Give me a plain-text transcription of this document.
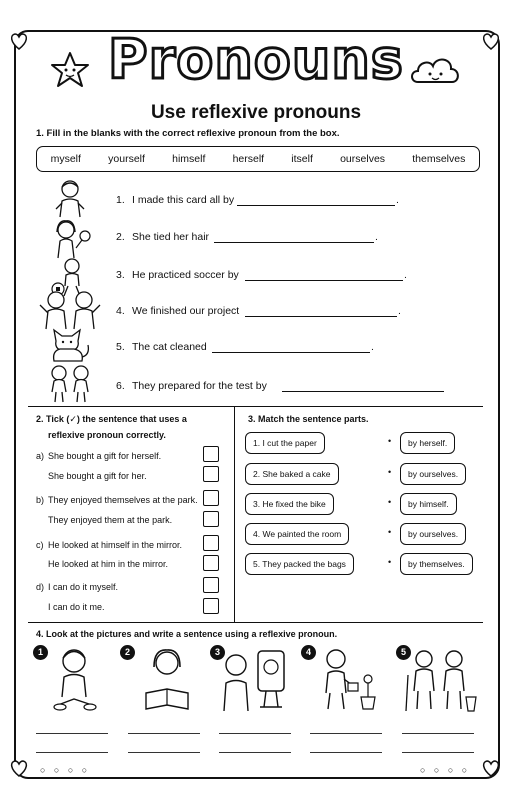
○ ○ ○ ○	○ ○ ○ ○
Pronouns
Use reflexive pronouns
1. Fill in the blanks with the correct reflexive pronoun from the box.
myself	yourself	himself	herself	itself	ourselves	themselves
1. I made this card all by	.
2. She tied her hair	.
3. He practiced soccer by	.
4. We finished our project	.
5. The cat cleaned	.
6. They prepared for the test by
2. Tick (✓) the sentence that uses a
reflexive pronoun correctly.
a) She bought a gift for herself.
She bought a gift for her.
b) They enjoyed themselves at the park.
They enjoyed them at the park.
c) He looked at himself in the mirror.
He looked at him in the mirror.
d) I can do it myself.
I can do it me.
3. Match the sentence parts.
1. I cut the paper	•	by herself.
2. She baked a cake	•	by ourselves.
3. He fixed the bike	•	by himself.
4. We painted the room	•	by ourselves.
5. They packed the bags	•	by themselves.
4. Look at the pictures and write a sentence using a reflexive pronoun.
1	2	3	4	5
